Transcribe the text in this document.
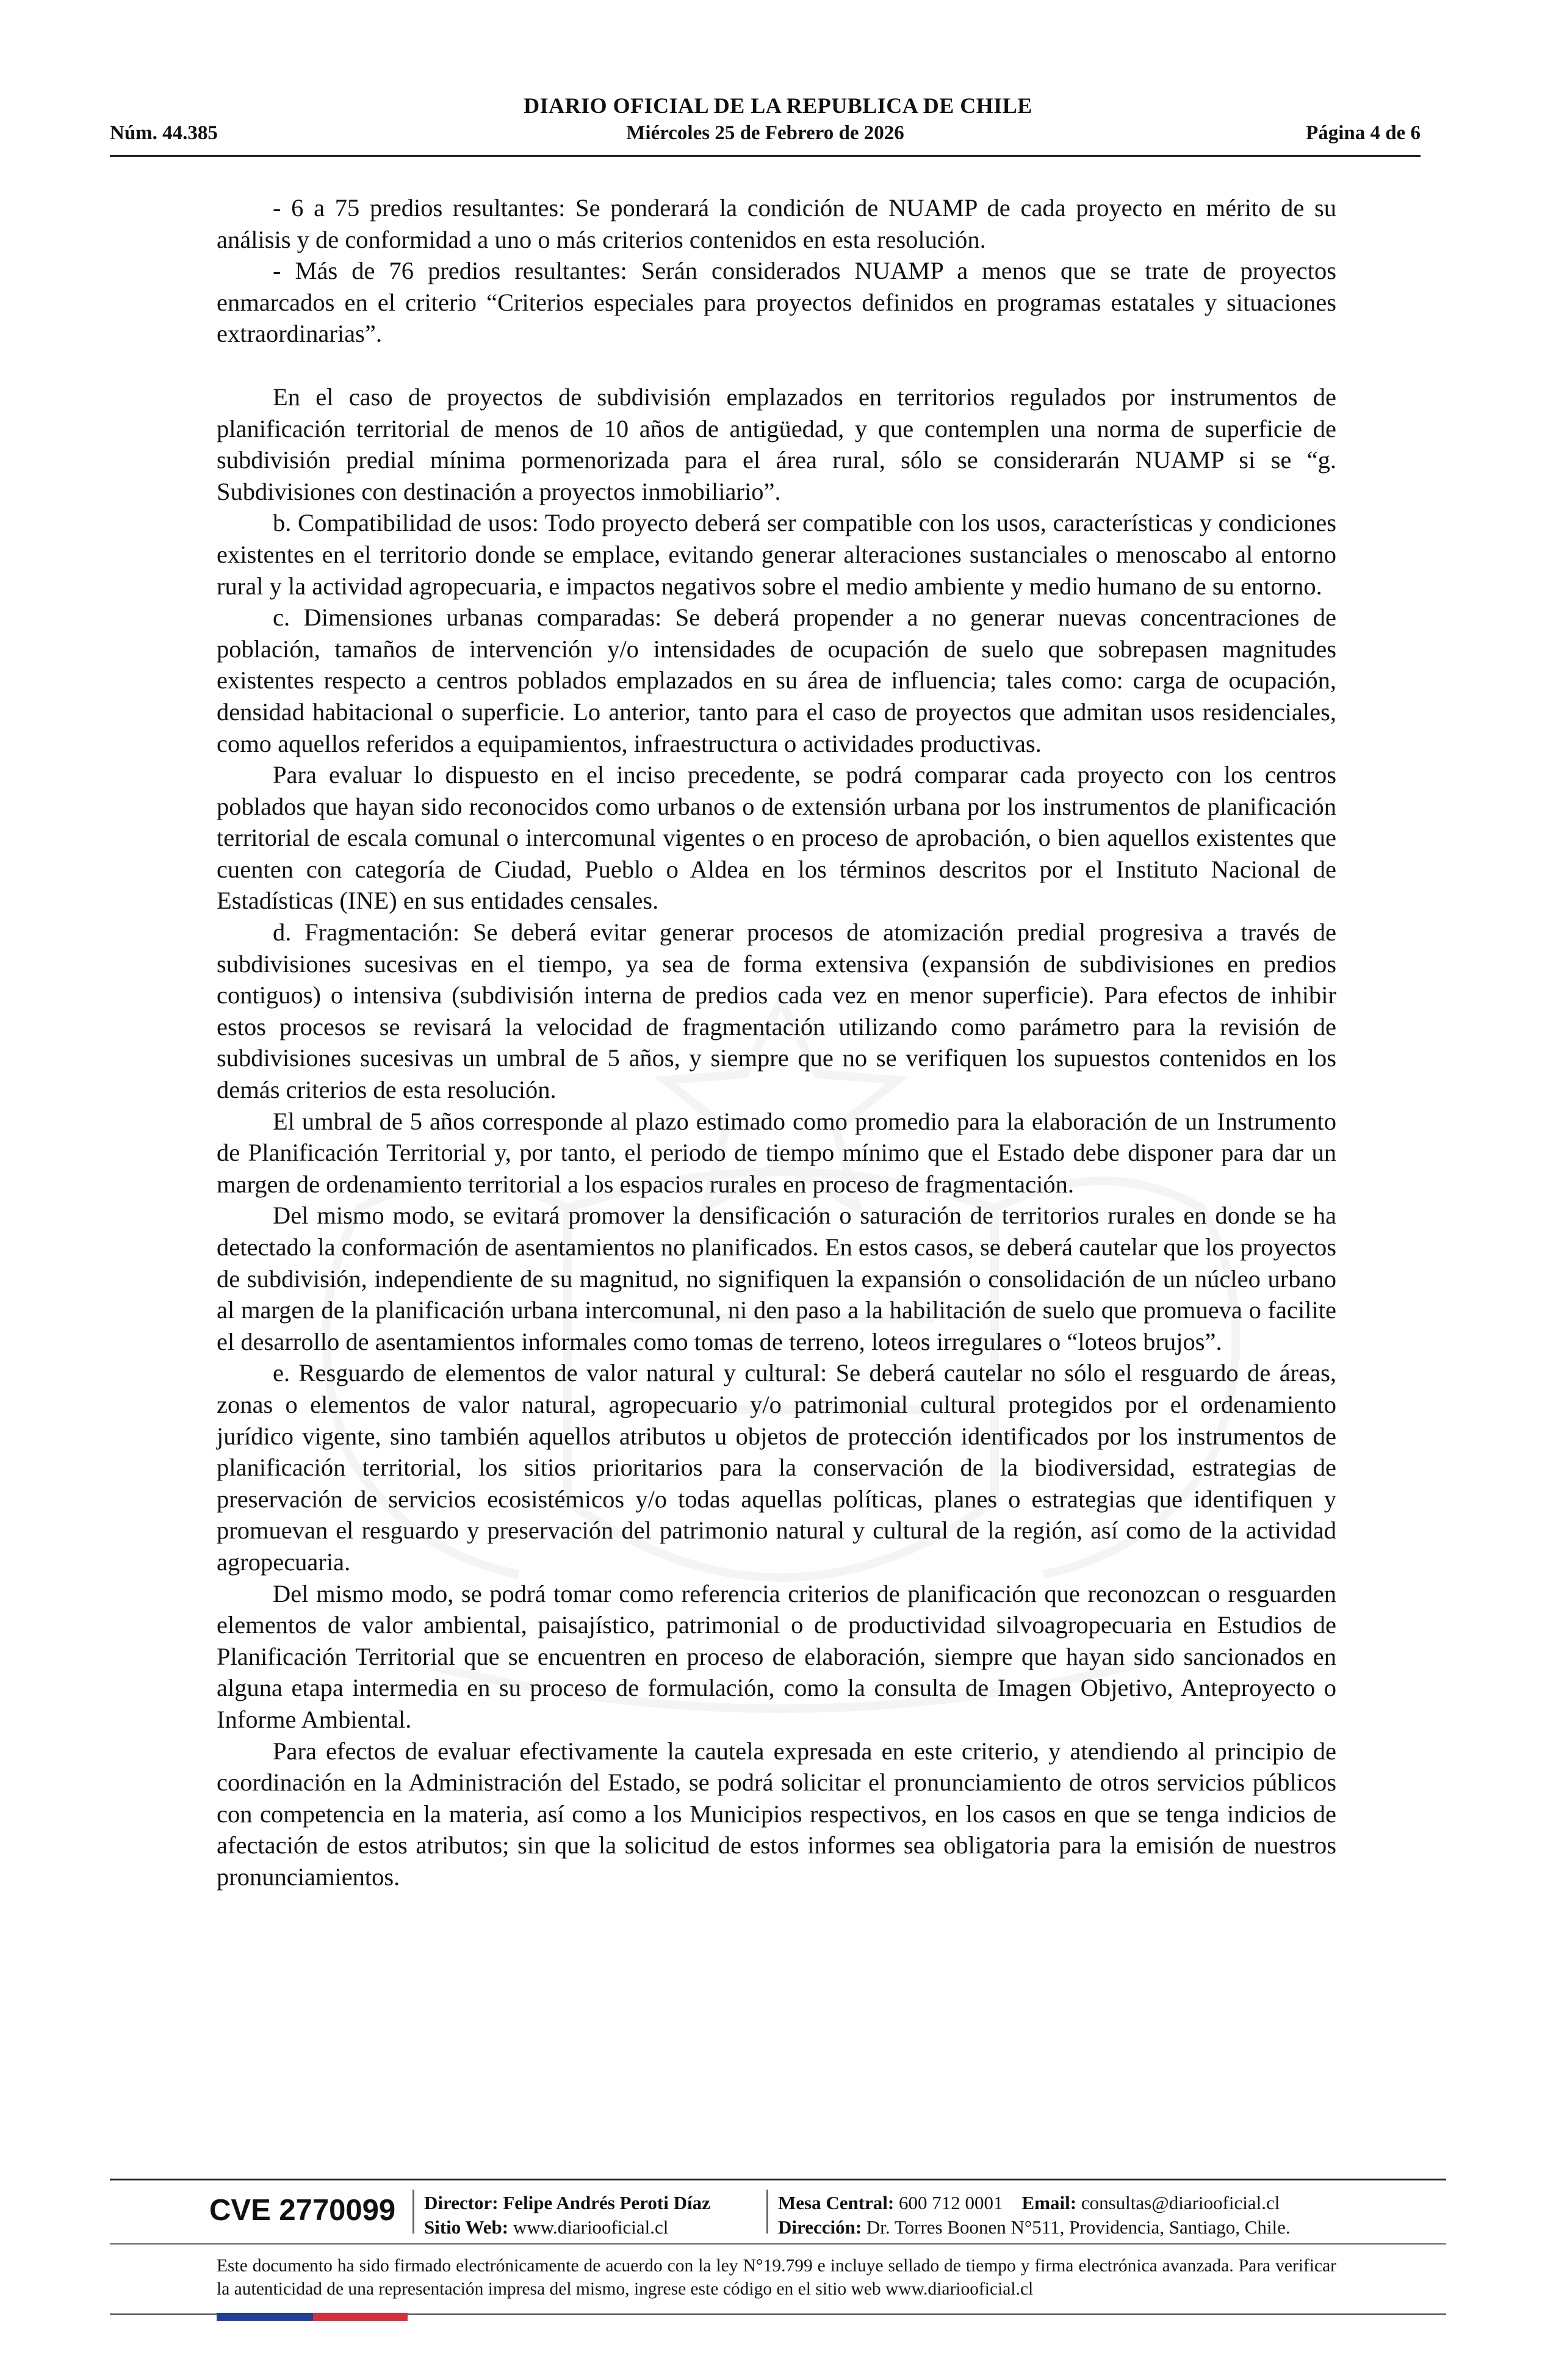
DIARIO OFICIAL DE LA REPUBLICA DE CHILE
Núm. 44.385	Miércoles 25 de Febrero de 2026	Página 4 de 6

- 6 a 75 predios resultantes: Se ponderará la condición de NUAMP de cada proyecto en mérito de su análisis y de conformidad a uno o más criterios contenidos en esta resolución.

- Más de 76 predios resultantes: Serán considerados NUAMP a menos que se trate de proyectos enmarcados en el criterio “Criterios especiales para proyectos definidos en programas estatales y situaciones extraordinarias”.

En el caso de proyectos de subdivisión emplazados en territorios regulados por instrumentos de planificación territorial de menos de 10 años de antigüedad, y que contemplen una norma de superficie de subdivisión predial mínima pormenorizada para el área rural, sólo se considerarán NUAMP si se “g. Subdivisiones con destinación a proyectos inmobiliario”.

b. Compatibilidad de usos: Todo proyecto deberá ser compatible con los usos, características y condiciones existentes en el territorio donde se emplace, evitando generar alteraciones sustanciales o menoscabo al entorno rural y la actividad agropecuaria, e impactos negativos sobre el medio ambiente y medio humano de su entorno.

c. Dimensiones urbanas comparadas: Se deberá propender a no generar nuevas concentraciones de población, tamaños de intervención y/o intensidades de ocupación de suelo que sobrepasen magnitudes existentes respecto a centros poblados emplazados en su área de influencia; tales como: carga de ocupación, densidad habitacional o superficie. Lo anterior, tanto para el caso de proyectos que admitan usos residenciales, como aquellos referidos a equipamientos, infraestructura o actividades productivas.

Para evaluar lo dispuesto en el inciso precedente, se podrá comparar cada proyecto con los centros poblados que hayan sido reconocidos como urbanos o de extensión urbana por los instrumentos de planificación territorial de escala comunal o intercomunal vigentes o en proceso de aprobación, o bien aquellos existentes que cuenten con categoría de Ciudad, Pueblo o Aldea en los términos descritos por el Instituto Nacional de Estadísticas (INE) en sus entidades censales.

d. Fragmentación: Se deberá evitar generar procesos de atomización predial progresiva a través de subdivisiones sucesivas en el tiempo, ya sea de forma extensiva (expansión de subdivisiones en predios contiguos) o intensiva (subdivisión interna de predios cada vez en menor superficie). Para efectos de inhibir estos procesos se revisará la velocidad de fragmentación utilizando como parámetro para la revisión de subdivisiones sucesivas un umbral de 5 años, y siempre que no se verifiquen los supuestos contenidos en los demás criterios de esta resolución.

El umbral de 5 años corresponde al plazo estimado como promedio para la elaboración de un Instrumento de Planificación Territorial y, por tanto, el periodo de tiempo mínimo que el Estado debe disponer para dar un margen de ordenamiento territorial a los espacios rurales en proceso de fragmentación.

Del mismo modo, se evitará promover la densificación o saturación de territorios rurales en donde se ha detectado la conformación de asentamientos no planificados. En estos casos, se deberá cautelar que los proyectos de subdivisión, independiente de su magnitud, no signifiquen la expansión o consolidación de un núcleo urbano al margen de la planificación urbana intercomunal, ni den paso a la habilitación de suelo que promueva o facilite el desarrollo de asentamientos informales como tomas de terreno, loteos irregulares o “loteos brujos”.

e. Resguardo de elementos de valor natural y cultural: Se deberá cautelar no sólo el resguardo de áreas, zonas o elementos de valor natural, agropecuario y/o patrimonial cultural protegidos por el ordenamiento jurídico vigente, sino también aquellos atributos u objetos de protección identificados por los instrumentos de planificación territorial, los sitios prioritarios para la conservación de la biodiversidad, estrategias de preservación de servicios ecosistémicos y/o todas aquellas políticas, planes o estrategias que identifiquen y promuevan el resguardo y preservación del patrimonio natural y cultural de la región, así como de la actividad agropecuaria.

Del mismo modo, se podrá tomar como referencia criterios de planificación que reconozcan o resguarden elementos de valor ambiental, paisajístico, patrimonial o de productividad silvoagropecuaria en Estudios de Planificación Territorial que se encuentren en proceso de elaboración, siempre que hayan sido sancionados en alguna etapa intermedia en su proceso de formulación, como la consulta de Imagen Objetivo, Anteproyecto o Informe Ambiental.

Para efectos de evaluar efectivamente la cautela expresada en este criterio, y atendiendo al principio de coordinación en la Administración del Estado, se podrá solicitar el pronunciamiento de otros servicios públicos con competencia en la materia, así como a los Municipios respectivos, en los casos en que se tenga indicios de afectación de estos atributos; sin que la solicitud de estos informes sea obligatoria para la emisión de nuestros pronunciamientos.

CVE 2770099 Director: Felipe Andrés Peroti Díaz
Sitio Web: www.diariooficial.cl
Mesa Central: 600 712 0001 Email: consultas@diariooficial.cl
Dirección: Dr. Torres Boonen N°511, Providencia, Santiago, Chile.
Este documento ha sido firmado electrónicamente de acuerdo con la ley N°19.799 e incluye sellado de tiempo y firma electrónica avanzada. Para verificar la autenticidad de una representación impresa del mismo, ingrese este código en el sitio web www.diariooficial.cl
